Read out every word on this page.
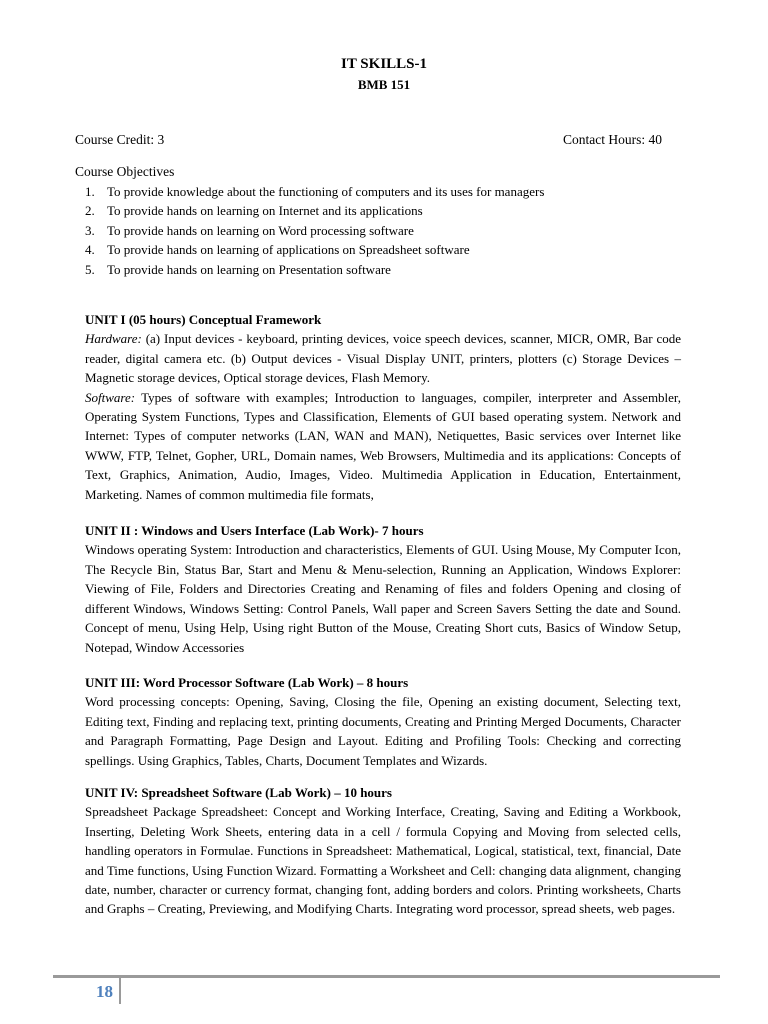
IT SKILLS-1
BMB 151
Course Credit: 3	Contact Hours: 40
Course Objectives
1. To provide knowledge about the functioning of computers and its uses for managers
2. To provide hands on learning on Internet and its applications
3. To provide hands on learning on Word processing software
4. To provide hands on learning of applications on Spreadsheet software
5. To provide hands on learning on Presentation software
UNIT I (05 hours) Conceptual Framework

Hardware: (a) Input devices - keyboard, printing devices, voice speech devices, scanner, MICR, OMR, Bar code reader, digital camera etc. (b) Output devices - Visual Display UNIT, printers, plotters (c) Storage Devices – Magnetic storage devices, Optical storage devices, Flash Memory.

Software: Types of software with examples; Introduction to languages, compiler, interpreter and Assembler, Operating System Functions, Types and Classification, Elements of GUI based operating system. Network and Internet: Types of computer networks (LAN, WAN and MAN), Netiquettes, Basic services over Internet like WWW, FTP, Telnet, Gopher, URL, Domain names, Web Browsers, Multimedia and its applications: Concepts of Text, Graphics, Animation, Audio, Images, Video. Multimedia Application in Education, Entertainment, Marketing. Names of common multimedia file formats,

UNIT II : Windows and Users Interface (Lab Work)- 7 hours

Windows operating System: Introduction and characteristics, Elements of GUI. Using Mouse, My Computer Icon, The Recycle Bin, Status Bar, Start and Menu & Menu-selection, Running an Application, Windows Explorer: Viewing of File, Folders and Directories Creating and Renaming of files and folders Opening and closing of different Windows, Windows Setting: Control Panels, Wall paper and Screen Savers Setting the date and Sound. Concept of menu, Using Help, Using right Button of the Mouse, Creating Short cuts, Basics of Window Setup, Notepad, Window Accessories

UNIT III: Word Processor Software (Lab Work) – 8 hours

Word processing concepts: Opening, Saving, Closing the file, Opening an existing document, Selecting text, Editing text, Finding and replacing text, printing documents, Creating and Printing Merged Documents, Character and Paragraph Formatting, Page Design and Layout. Editing and Profiling Tools: Checking and correcting spellings. Using Graphics, Tables, Charts, Document Templates and Wizards.

UNIT IV: Spreadsheet Software (Lab Work) – 10 hours

Spreadsheet Package Spreadsheet: Concept and Working Interface, Creating, Saving and Editing a Workbook, Inserting, Deleting Work Sheets, entering data in a cell / formula Copying and Moving from selected cells, handling operators in Formulae. Functions in Spreadsheet: Mathematical, Logical, statistical, text, financial, Date and Time functions, Using Function Wizard. Formatting a Worksheet and Cell: changing data alignment, changing date, number, character or currency format, changing font, adding borders and colors. Printing worksheets, Charts and Graphs – Creating, Previewing, and Modifying Charts. Integrating word processor, spread sheets, web pages.

18
